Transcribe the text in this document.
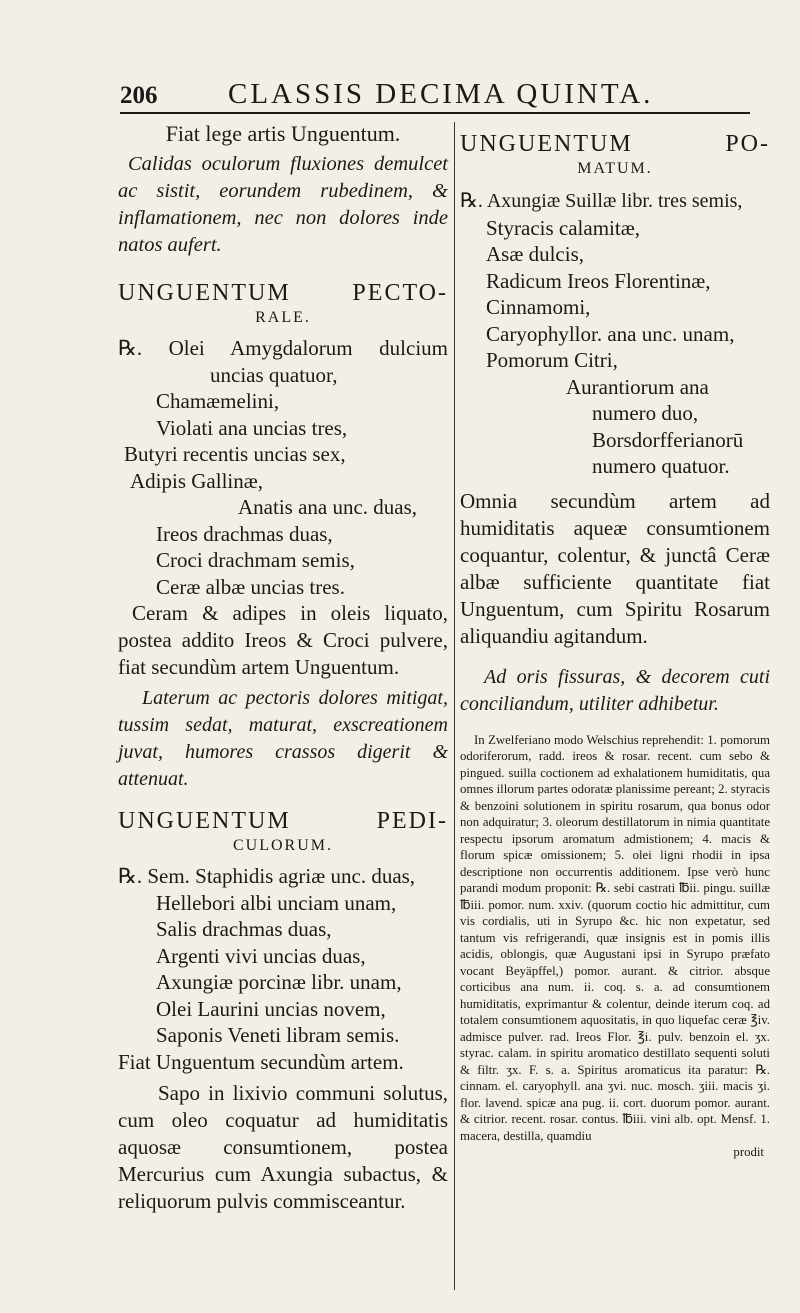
206 CLASSIS DECIMA QUINTA.

Fiat lege artis Unguentum.

Calidas oculorum fluxiones demulcet ac sistit, eorundem rubedinem, & inflamationem, nec non dolores inde natos aufert.

UNGUENTUM PECTO-

RALE.

℞. Olei Amygdalorum dulcium

uncias quatuor,

Chamæmelini,

Violati ana uncias tres,

Butyri recentis uncias sex,

Adipis Gallinæ,

Anatis ana unc. duas,

Ireos drachmas duas,

Croci drachmam semis,

Ceræ albæ uncias tres.

Ceram & adipes in oleis liquato, postea addito Ireos & Croci pulvere, fiat secundùm artem Unguentum.

Laterum ac pectoris dolores mitigat, tussim sedat, maturat, exscreationem juvat, humores crassos digerit & attenuat.

UNGUENTUM PEDI-

CULORUM.

℞. Sem. Staphidis agriæ unc. duas,

Hellebori albi unciam unam,

Salis drachmas duas,

Argenti vivi uncias duas,

Axungiæ porcinæ libr. unam,

Olei Laurini uncias novem,

Saponis Veneti libram semis.

Fiat Unguentum secundùm artem.

Sapo in lixivio communi solutus, cum oleo coquatur ad humiditatis aquosæ consumtionem, postea Mercurius cum Axungia subactus, & reliquorum pulvis commisceantur.

UNGUENTUM PO-

MATUM.

℞. Axungiæ Suillæ libr. tres semis,

Styracis calamitæ,

Asæ dulcis,

Radicum Ireos Florentinæ,

Cinnamomi,

Caryophyllor. ana unc. unam,

Pomorum Citri,

Aurantiorum ana

numero duo,

Borsdorfferianorū

numero quatuor.

Omnia secundùm artem ad humiditatis aqueæ consumtionem coquantur, colentur, & junctâ Ceræ albæ sufficiente quantitate fiat Unguentum, cum Spiritu Rosarum aliquandiu agitandum.

Ad oris fissuras, & decorem cuti conciliandum, utiliter adhibetur.

In Zwelferiano modo Welschius reprehendit: 1. pomorum odoriferorum, radd. ireos & rosar. recent. cum sebo & pingued. suilla coctionem ad exhalationem humiditatis, qua omnes illorum partes odoratæ planissime pereant; 2. styracis & benzoini solutionem in spiritu rosarum, qua bonus odor non adquiratur; 3. oleorum destillatorum in nimia quantitate respectu ipsorum aromatum admistionem; 4. macis & florum spicæ omissionem; 5. olei ligni rhodii in ipsa descriptione non occurrentis additionem. Ipse verò hunc parandi modum proponit: ℞. sebi castrati ℔ii. pingu. suillæ ℔iii. pomor. num. xxiv. (quorum coctio hic admittitur, cum vis cordialis, uti in Syrupo &c. hic non expetatur, sed tantum vis refrigerandi, quæ insignis est in pomis illis acidis, oblongis, quæ Augustani ipsi in Syrupo præfato vocant Beyäpffel,) pomor. aurant. & citrior. absque corticibus ana num. ii. coq. s. a. ad consumtionem humiditatis, exprimantur & colentur, deinde iterum coq. ad totalem consumtionem aquositatis, in quo liquefac ceræ ℥iv. admisce pulver. rad. Ireos Flor. ℥i. pulv. benzoin el. ʒx. styrac. calam. in spiritu aromatico destillato sequenti soluti & filtr. ʒx. F. s. a. Spiritus aromaticus ita paratur: ℞. cinnam. el. caryophyll. ana ʒvi. nuc. mosch. ʒiii. macis ʒi. flor. lavend. spicæ ana pug. ii. cort. duorum pomor. aurant. & citrior. recent. rosar. contus. ℔iii. vini alb. opt. Mensf. 1. macera, destilla, quamdiu

prodit
